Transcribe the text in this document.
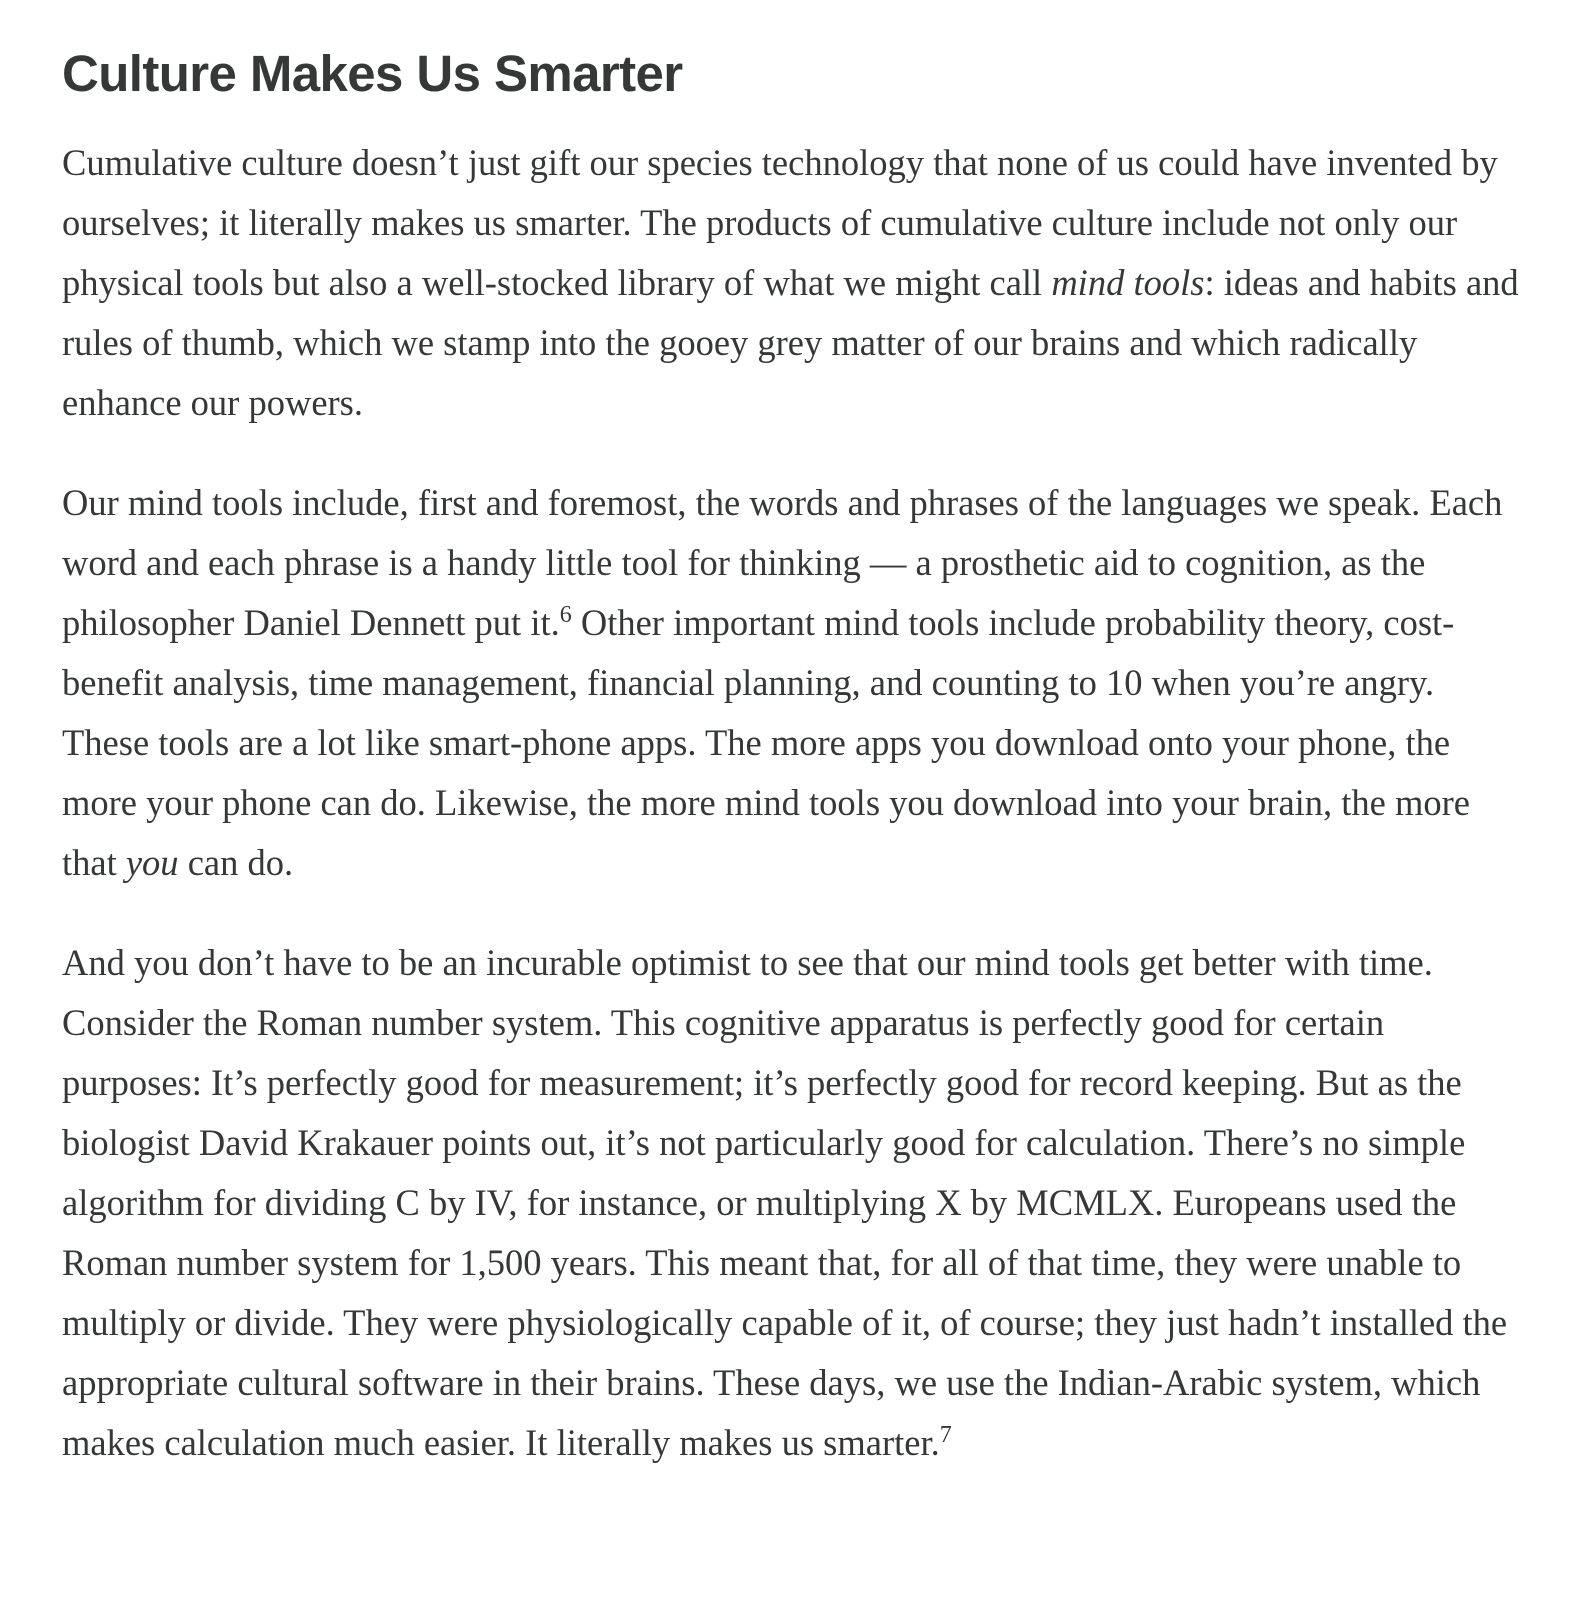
Culture Makes Us Smarter

Cumulative culture doesn’t just gift our species technology that none of us could have invented by ourselves; it literally makes us smarter. The products of cumulative culture include not only our physical tools but also a well-stocked library of what we might call mind tools: ideas and habits and rules of thumb, which we stamp into the gooey grey matter of our brains and which radically enhance our powers.

Our mind tools include, first and foremost, the words and phrases of the languages we speak. Each word and each phrase is a handy little tool for thinking — a prosthetic aid to cognition, as the philosopher Daniel Dennett put it.$^6$ Other important mind tools include probability theory, cost-benefit analysis, time management, financial planning, and counting to 10 when you’re angry. These tools are a lot like smart-phone apps. The more apps you download onto your phone, the more your phone can do. Likewise, the more mind tools you download into your brain, the more that you can do.

And you don’t have to be an incurable optimist to see that our mind tools get better with time. Consider the Roman number system. This cognitive apparatus is perfectly good for certain purposes: It’s perfectly good for measurement; it’s perfectly good for record keeping. But as the biologist David Krakauer points out, it’s not particularly good for calculation. There’s no simple algorithm for dividing C by IV, for instance, or multiplying X by MCMLX. Europeans used the Roman number system for 1,500 years. This meant that, for all of that time, they were unable to multiply or divide. They were physiologically capable of it, of course; they just hadn’t installed the appropriate cultural software in their brains. These days, we use the Indian-Arabic system, which makes calculation much easier. It literally makes us smarter.$^7$
